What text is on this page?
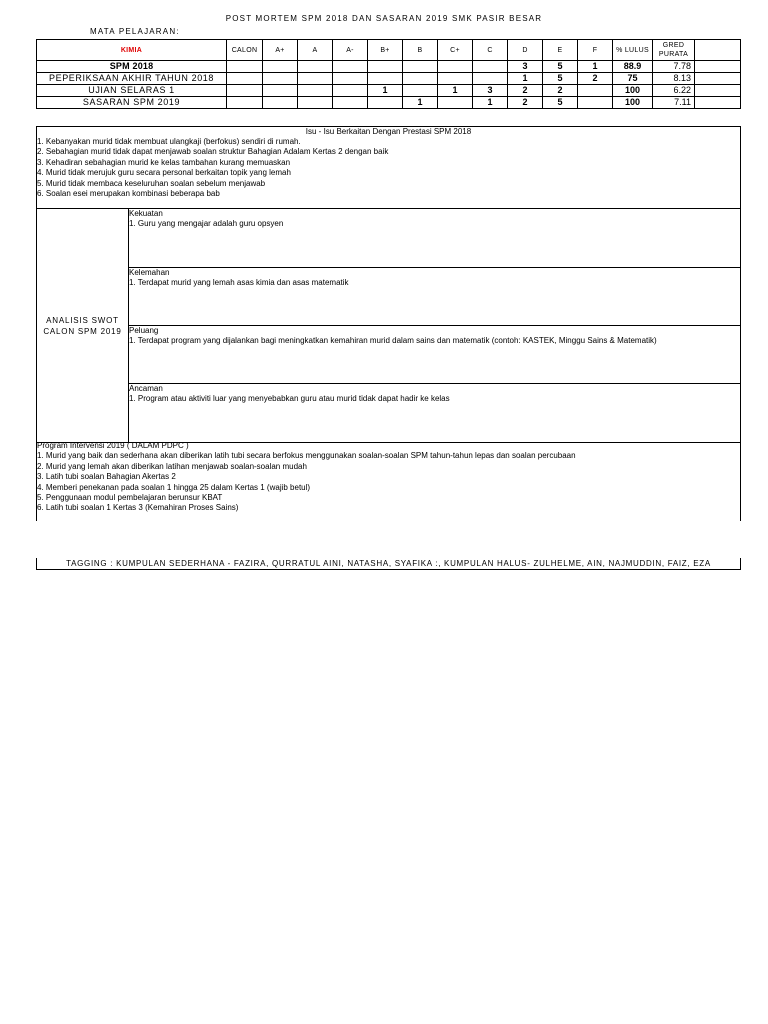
POST MORTEM SPM 2018 DAN SASARAN 2019 SMK PASIR BESAR
MATA PELAJARAN:
KIMIA	CALON	A+	A	A-	B+	B	C+	C	D	E	F	% LULUS	GRED
PURATA	
SPM 2018									3	5	1	88.9	7.78	
PEPERIKSAAN AKHIR TAHUN 2018									1	5	2	75	8.13	
UJIAN SELARAS 1					1		1	3	2	2		100	6.22	
SASARAN SPM 2019						1		1	2	5		100	7.11	
Isu - Isu Berkaitan Dengan Prestasi SPM 2018
1. Kebanyakan murid tidak membuat ulangkaji (berfokus) sendiri di rumah.
2. Sebahagian murid tidak dapat menjawab soalan struktur Bahagian Adalam Kertas 2 dengan baik
3. Kehadiran sebahagian murid ke kelas tambahan kurang memuaskan
4. Murid tidak merujuk guru secara personal berkaitan topik yang lemah
5. Murid tidak membaca keseluruhan soalan sebelum menjawab
6. Soalan esei merupakan kombinasi beberapa bab
ANALISIS SWOT
CALON SPM 2019
Kekuatan
1. Guru yang mengajar adalah guru opsyen
Kelemahan
1. Terdapat murid yang lemah asas kimia dan asas matematik
Peluang
1. Terdapat program yang dijalankan bagi meningkatkan kemahiran murid dalam sains dan matematik (contoh: KASTEK, Minggu Sains & Matematik)
Ancaman
1. Program atau aktiviti luar yang menyebabkan guru atau murid tidak dapat hadir ke kelas
Program Intervensi 2019 ( DALAM PDPC )
1. Murid yang baik dan sederhana akan diberikan latih tubi secara berfokus menggunakan soalan-soalan SPM tahun-tahun lepas dan soalan percubaan
2. Murid yang lemah akan diberikan latihan menjawab soalan-soalan mudah
3. Latih tubi soalan Bahagian Akertas 2
4. Memberi penekanan pada soalan 1 hingga 25 dalam Kertas 1 (wajib betul)
5. Penggunaan modul pembelajaran berunsur KBAT
6. Latih tubi soalan 1 Kertas 3 (Kemahiran Proses Sains)
TAGGING : KUMPULAN SEDERHANA - FAZIRA, QURRATUL AINI, NATASHA, SYAFIKA :, KUMPULAN HALUS- ZULHELME, AIN, NAJMUDDIN, FAIZ, EZA
